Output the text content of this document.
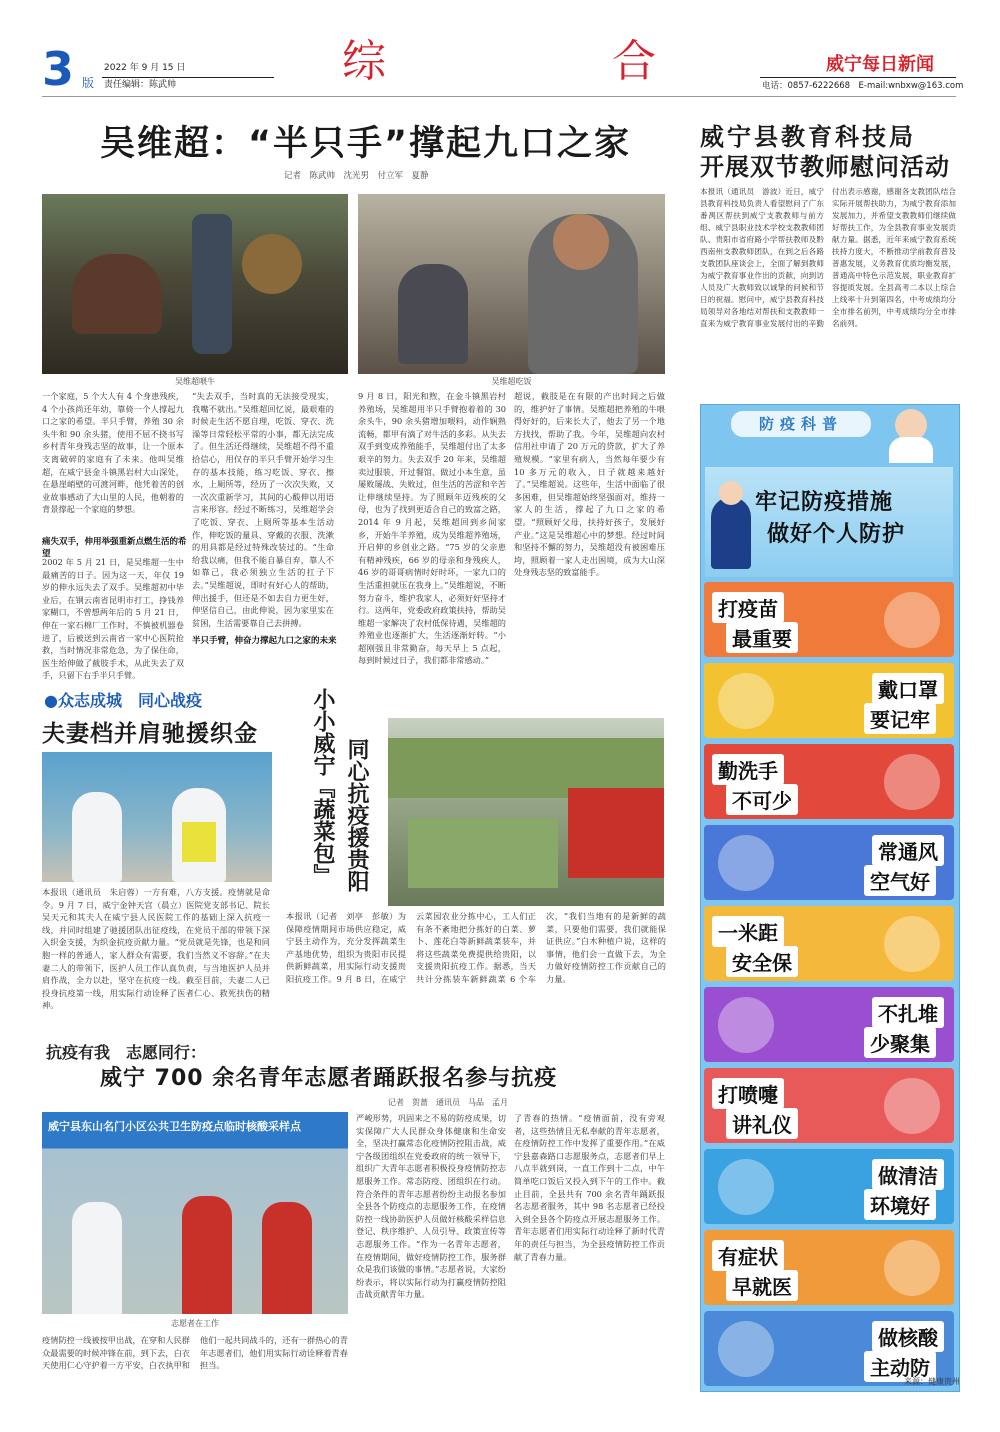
3 版
2022 年 9 月 15 日
责任编辑：陈武帅	综	合	威宁每日新闻
电话：0857-6222668　E-mail:wnbxw@163.com
吴维超：“半只手”撑起九口之家
记者　陈武帅　沈光男　付立军　夏静
吴维超喂牛	吴维超吃饭
一个家庭，5 个大人有 4 个身患残疾，4 个小孩尚还年幼，靠倚一个人撑起九口之家的希望。半只手臂，养殖 30 余头牛和 90 余头猪，使用不屈不挠书写乡村青年身残志坚的故事，让一个原本支离破碎的家庭有了未来。他叫吴维超，在威宁县金斗镇黑岩村大山深处，在悬崖峭壁的可渡河畔，他凭着苦的创业故事感动了大山里的人民，他朝着的背景撑起一个家庭的梦想。
痛失双手，伸用举强重新点燃生活的希望
2002 年 5 月 21 日，是吴维超一生中最痛苦的日子。因为这一天，年仅 19 岁的伸永远失去了双手。吴维超初中毕业后，在钢云南省昆明市打工，挣钱养家糊口，不曾想两年后的 5 月 21 日，伸在一家石棉厂工作时，不慎被机器卷进了，后被送到云南省一家中心医院抢救，当时情况非常危急，为了保住命，医生给伸做了截肢手术，从此失去了双手，只留下右手半只手臂。
“失去双手，当时真的无法接受现实，我嘴不就出。”吴维超回忆说，最艰难的时候走生活不愿自理，吃饭、穿衣、洗澡等日常轻松平常的小事，都无法完成了。但生活还得继续，吴维超不得不重拾信心，用仅存的半只手臂开始学习生存的基本技能，练习吃饭、穿衣、擦水，上厕所等，经历了一次次失败，又一次次重新学习，其间的心酸伸以用语言来形容。经过不断练习，吴维超学会了吃饭、穿衣、上厕所等基本生活动作，伸吃饭的量具、穿戴的衣服、洗漱的用具都是经过特殊改装过的。“生命给我以痛，但我不能自暴自弃，靠人不如靠己，我必须独立生活的扛子下去。”吴维超说，即时有好心人的帮助，伸出援手，但还是不如去自力更生好，伸坚信自己，由此伸说，因为家里实在贫困，生活需要靠自己去拼搏。
半只手臂，伸奋力撑起九口之家的未来
9 月 8 日，阳光和煦，在金斗镇黑岩村养殖场，吴维超用半只手臂抱着着的 30 余头牛，90 余头猪增加喂料，动作娴熟流畅，都甲有滴了对牛活的多彩。从失去双手到变成养殖能手，吴维超付出了太多艰辛的努力。失去双手 20 年来，吴维超卖过服装、开过餐馆、做过小本生意，虽屡败屡战、失败过，但生活的苦涩和辛苦让伸继续坚持。为了照顾年迈残疾的父母，也为了找到更适合自己的致富之路，2014 年 9 月起，吴维超回到乡间家乡，开始牛羊养殖，成为吴维超养殖场，开启伸的乡创业之路。“75 岁的父亲患有精神残疾，66 岁的母亲和身残疾人，46 岁的哥哥病情时好时坏，一家九口的生活重担就压在我身上。”吴维超说，不断努力奋斗，维护我家人，必须好好坚持才行。这两年，党委政府政策扶持，帮助吴维超一家解决了农村低保待遇，吴维超的养殖业也逐渐扩大，生活逐渐好转。“小超刚强且非常勤奋，每天早上 5 点起，每到时候过日子，我们都非常感动。”
超说，截肢是在有限的产出时间之后做的，维护好了事情。吴维超把养殖的牛喂得好好的，后来长大了，他去了另一个地方找找，帮助了我。今年，吴维超向农村信用社申请了 20 万元的贷款，扩大了养殖规模。“家里有病人，当然每年要少有 10 多万元的收入，日子就越来越好了。”吴维超说。这些年，生活中面临了很多困难，但吴维超始终坚强面对，维持一家人的生活，撑起了九口之家的希望。“照顾好父母，扶持好孩子，发展好产业。”这是吴维超心中的梦想。经过时间和坚持不懈的努力，吴维超没有被困难压垮，照顾着一家人走出困境，成为大山深处身残志坚的致富能手。
威宁县教育科技局
开展双节教师慰问活动
本报讯（通讯员　游波）近日，威宁县教育科技局负责人看望慰问了广东番禺区帮扶到威宁支教教师与前方组、威宁县职业技术学校支教教师团队、贵阳市省府路小学帮扶教师及黔西南州支教教师团队，在到之后各路支教团队座谈会上，全面了解到教师为威宁教育事业作出的贡献，向到访人员及广大教师致以诚挚的问候和节日的祝福。慰问中，威宁县教育科技局领导对各地结对帮扶和支教教师一直来为威宁教育事业发展付出的辛勤付出表示感谢，感谢各支教团队结合实际开展帮扶助力，为威宁教育添加发展加力，并希望支教教师们继续做好帮扶工作，为全县教育事业发展贡献力量。据悉，近年来威宁教育系统扶持力度大，不断推动学前教育普及普惠发展，义务教育优质均衡发展，普通高中特色示范发展，职业教育扩容提质发展。全县高考二本以上综合上线率十升到第四名，中考成绩均分全市排名前列，中考成绩均分全市排名前列。
防疫科普
牢记防疫措施
做好个人防护
打疫苗
最重要
戴口罩
要记牢
勤洗手
不可少
常通风
空气好
一米距
安全保
不扎堆
少聚集
打喷嚏
讲礼仪
做清洁
环境好
有症状
早就医
做核酸
主动防
来源：健康贵州
●众志成城　同心战疫
夫妻档并肩驰援织金
本报讯（通讯员　朱启蓉）一方有难，八方支援。疫情就是命令。9 月 7 日，威宁金钟天宫（晨立）医院党支部书记、院长吴天元和其夫人在威宁县人民医院工作的基础上深入抗疫一线，并同时组建了驰援团队出征疫线，在党员干部的带领下深入织金支援，为织金抗疫贡献力量。“党员就是先锋，也是和同胞一样的普通人，家人群众有需要，我们当然义不容辞。”在夫妻二人的带领下，医护人员工作认真负责，与当地医护人员并肩作战，全力以赴，坚守在抗疫一线。截至目前，夫妻二人已投身抗疫第一线，用实际行动诠释了医者仁心、救死扶伤的精神。
小小威宁『蔬菜包』 同心抗疫援贵阳
本报讯（记者　刘亭　彭敏）为保障疫情期间市场供应稳定，威宁县主动作为，充分发挥蔬菜生产基地优势，组织为贵阳市民提供新鲜蔬菜，用实际行动支援贵阳抗疫工作。9 月 8 日，在威宁云菜园农业分拣中心，工人们正有条不紊地把分拣好的白菜、萝卜、莲花白等新鲜蔬菜装车，并将这些蔬菜免费提供给贵阳，以支援贵阳抗疫工作。据悉，当天共计分拣装车新鲜蔬菜 6 个车次，“我们当地有的是新鲜的蔬菜，只要他们需要，我们就能保证供应。”白木种植户说，这样的事情，他们会一直做下去，为全力做好疫情防控工作贡献自己的力量。
抗疫有我　志愿同行：
威宁 700 余名青年志愿者踊跃报名参与抗疫
记者　贺蔷　通讯员　马品　孟月
威宁县东山名门小区公共卫生防疫点临时核酸采样点
志愿者在工作
疫情防控一线被按甲出战，在穿和人民群众最需要的时候冲锋在前，到下去，白衣天使用仁心守护着一方平安，白衣执甲和他们一起共同战斗的，还有一群热心的青年志愿者们，他们用实际行动诠释着青春担当。
严峻形势，巩固来之不易的防疫成果，切实保障广大人民群众身体健康和生命安全，坚决打赢常态化疫情防控阻击战，威宁各级团组织在党委政府的统一领导下，组织广大青年志愿者积极投身疫情防控志愿服务工作。常态防疫、团组织在行动。符合条件的青年志愿者纷纷主动报名参加全县各个防疫点的志愿服务工作，在疫情防控一线协助医护人员做好核酸采样信息登记、秩序维护、人员引导、政策宣传等志愿服务工作。“作为一名青年志愿者，在疫情期间，做好疫情防控工作，服务群众是我们该做的事情。”志愿者说，大家纷纷表示，将以实际行动为打赢疫情防控阻击战贡献青年力量。
了青春的热情。“疫情面前，没有旁观者，这些热情且无私奉献的青年志愿者，在疫情防控工作中发挥了重要作用。”在威宁县嘉森路口志愿服务点，志愿者们早上八点半就到岗，一直工作到十二点，中午简单吃口饭后又投入到下午的工作中。截止目前，全县共有 700 余名青年踊跃报名志愿者服务，其中 98 名志愿者已经投入到全县各个防疫点开展志愿服务工作。青年志愿者们用实际行动诠释了新时代青年的责任与担当，为全县疫情防控工作贡献了青春力量。
